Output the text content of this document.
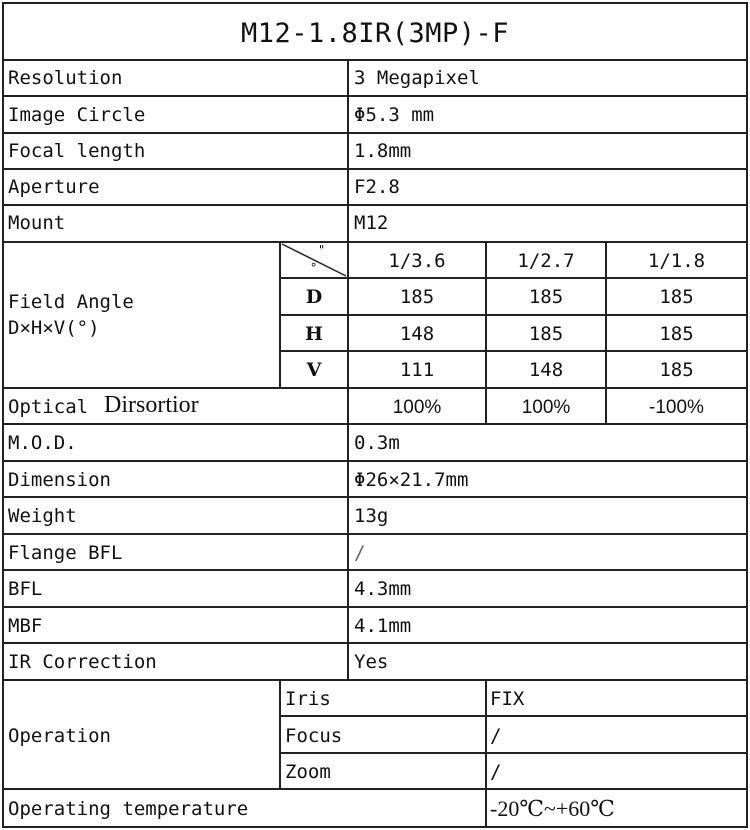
M12-1.8IR(3MP)-F
Resolution	3 Megapixel
Image Circle	Φ5.3 mm
Focal length	1.8mm
Aperture	F2.8
Mount	M12
Field Angle
D×H×V(°)
"
°	1/3.6	1/2.7	1/1.8
D	185	185	185
H	148	185	185
V	111	148	185
Optical Dirsortior	100%	100%	-100%
M.O.D.	0.3m
Dimension	Φ26×21.7mm
Weight	13g
Flange BFL	/
BFL	4.3mm
MBF	4.1mm
IR Correction	Yes
Operation
Iris	FIX
Focus	/
Zoom	/
Operating temperature	-20℃~+60℃
